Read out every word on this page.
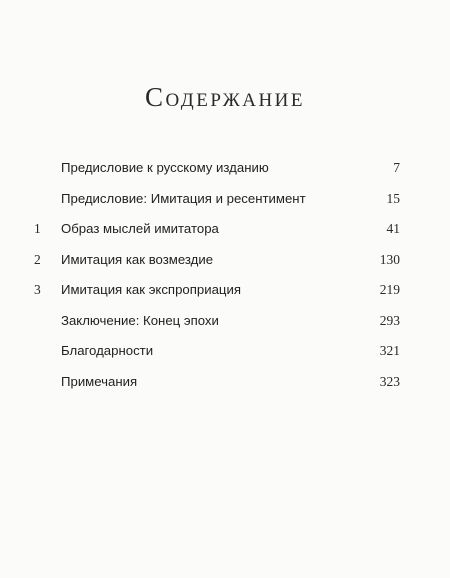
Содержание
Предисловие к русскому изданию	7
Предисловие: Имитация и ресентимент	15
1	Образ мыслей имитатора	41
2	Имитация как возмездие	130
3	Имитация как экспроприация	219
Заключение: Конец эпохи	293
Благодарности	321
Примечания	323
